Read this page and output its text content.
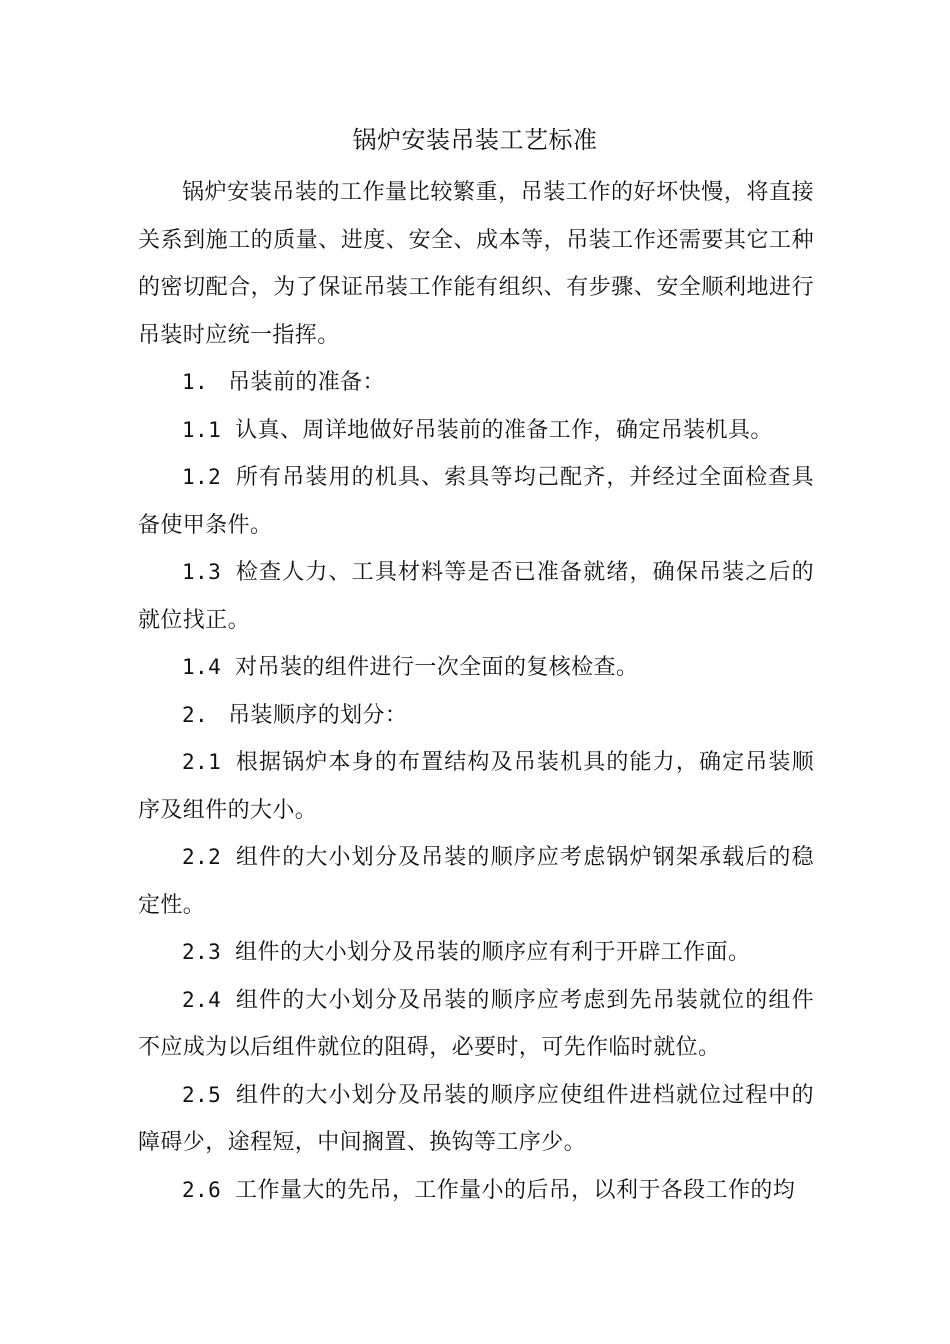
锅炉安装吊装工艺标准

锅炉安装吊装的工作量比较繁重，吊装工作的好坏快慢，将直接关系到施工的质量、进度、安全、成本等，吊装工作还需要其它工种的密切配合，为了保证吊装工作能有组织、有步骤、安全顺利地进行吊装时应统一指挥。

1. 吊装前的准备：

1.1 认真、周详地做好吊装前的准备工作，确定吊装机具。

1.2 所有吊装用的机具、索具等均己配齐，并经过全面检查具备使甲条件。

1.3 检查人力、工具材料等是否已准备就绪，确保吊装之后的就位找正。

1.4 对吊装的组件进行一次全面的复核检查。

2. 吊装顺序的划分：

2.1 根据锅炉本身的布置结构及吊装机具的能力，确定吊装顺序及组件的大小。

2.2 组件的大小划分及吊装的顺序应考虑锅炉钢架承载后的稳定性。

2.3 组件的大小划分及吊装的顺序应有利于开辟工作面。

2.4 组件的大小划分及吊装的顺序应考虑到先吊装就位的组件不应成为以后组件就位的阻碍，必要时，可先作临时就位。

2.5 组件的大小划分及吊装的顺序应使组件进档就位过程中的障碍少，途程短，中间搁置、换钩等工序少。

2.6 工作量大的先吊，工作量小的后吊，以利于各段工作的均
